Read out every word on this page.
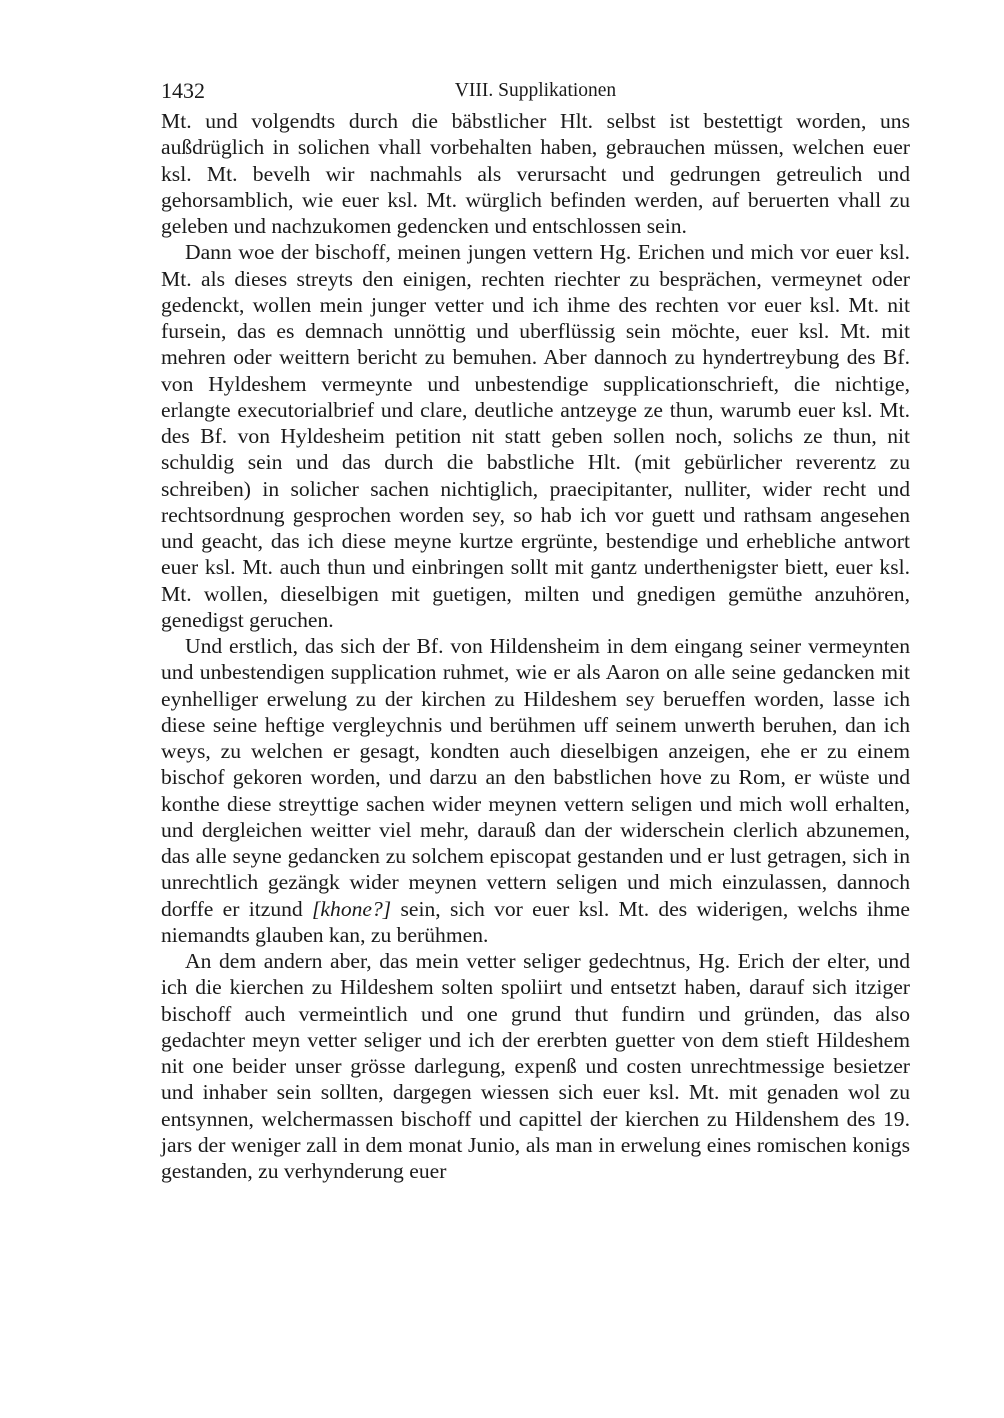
1432	VIII. Supplikationen

Mt. und volgendts durch die bäbstlicher Hlt. selbst ist bestettigt worden, uns außdrüglich in solichen vhall vorbehalten haben, gebrauchen müssen, welchen euer ksl. Mt. bevelh wir nachmahls als verursacht und gedrungen getreulich und gehorsamblich, wie euer ksl. Mt. würglich befinden werden, auf beruerten vhall zu geleben und nachzukomen gedencken und entschlossen sein.

Dann woe der bischoff, meinen jungen vettern Hg. Erichen und mich vor euer ksl. Mt. als dieses streyts den einigen, rechten riechter zu besprächen, vermeynet oder gedenckt, wollen mein junger vetter und ich ihme des rechten vor euer ksl. Mt. nit fursein, das es demnach unnöttig und uberflüssig sein möchte, euer ksl. Mt. mit mehren oder weittern bericht zu bemuhen. Aber dannoch zu hyndertreybung des Bf. von Hyldeshem vermeynte und unbestendige supplicationschrieft, die nichtige, erlangte executorialbrief und clare, deutliche antzeyge ze thun, warumb euer ksl. Mt. des Bf. von Hyldesheim petition nit statt geben sollen noch, solichs ze thun, nit schuldig sein und das durch die babstliche Hlt. (mit gebürlicher reverentz zu schreiben) in solicher sachen nichtiglich, praecipitanter, nulliter, wider recht und rechtsordnung gesprochen worden sey, so hab ich vor guett und rathsam angesehen und geacht, das ich diese meyne kurtze ergrünte, bestendige und erhebliche antwort euer ksl. Mt. auch thun und einbringen sollt mit gantz underthenigster biett, euer ksl. Mt. wollen, dieselbigen mit guetigen, milten und gnedigen gemüthe anzuhören, genedigst geruchen.

Und erstlich, das sich der Bf. von Hildensheim in dem eingang seiner vermeynten und unbestendigen supplication ruhmet, wie er als Aaron on alle seine gedancken mit eynhelliger erwelung zu der kirchen zu Hildeshem sey berueffen worden, lasse ich diese seine heftige vergleychnis und berühmen uff seinem unwerth beruhen, dan ich weys, zu welchen er gesagt, kondten auch dieselbigen anzeigen, ehe er zu einem bischof gekoren worden, und darzu an den babstlichen hove zu Rom, er wüste und konthe diese streyttige sachen wider meynen vettern seligen und mich woll erhalten, und dergleichen weitter viel mehr, darauß dan der widerschein clerlich abzunemen, das alle seyne gedancken zu solchem episcopat gestanden und er lust getragen, sich in unrechtlich gezängk wider meynen vettern seligen und mich einzulassen, dannoch dorffe er itzund [khone?] sein, sich vor euer ksl. Mt. des widerigen, welchs ihme niemandts glauben kan, zu berühmen.

An dem andern aber, das mein vetter seliger gedechtnus, Hg. Erich der elter, und ich die kierchen zu Hildeshem solten spoliirt und entsetzt haben, darauf sich itziger bischoff auch vermeintlich und one grund thut fundirn und gründen, das also gedachter meyn vetter seliger und ich der ererbten guetter von dem stieft Hildeshem nit one beider unser grösse darlegung, expenß und costen unrechtmessige besietzer und inhaber sein sollten, dargegen wiessen sich euer ksl. Mt. mit genaden wol zu entsynnen, welchermassen bischoff und capittel der kierchen zu Hildenshem des 19. jars der weniger zall in dem monat Junio, als man in erwelung eines romischen konigs gestanden, zu verhynderung euer
